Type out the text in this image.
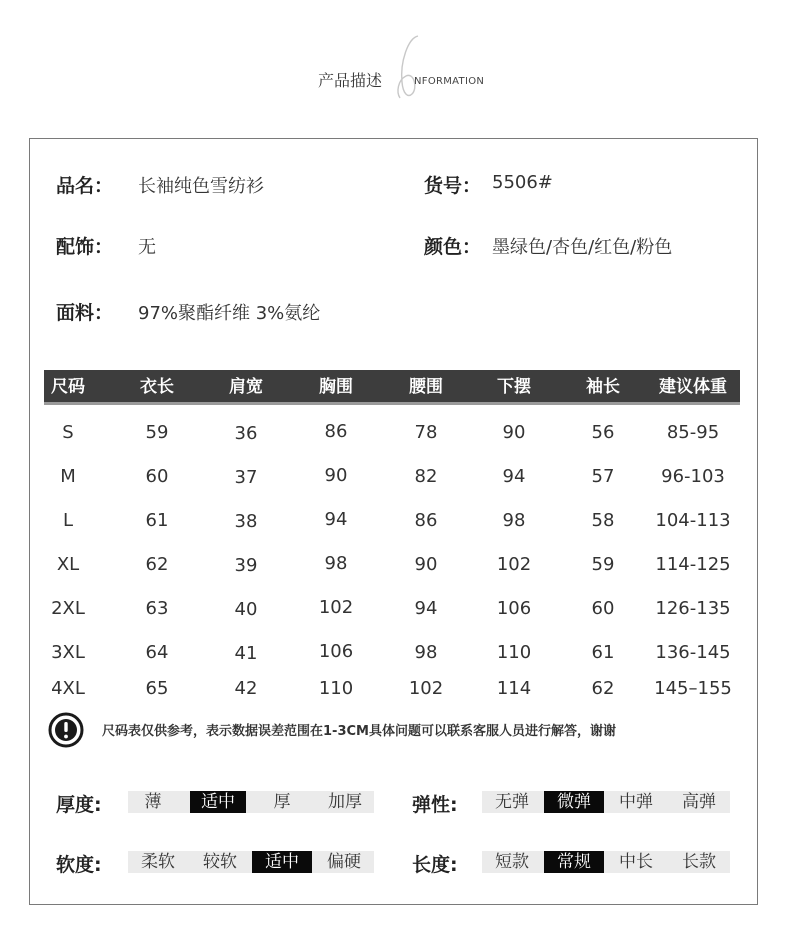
产品描述	NFORMATION
品名： 长袖纯色雪纺衫	货号： 5506#
配饰： 无	颜色： 墨绿色/杏色/红色/粉色
面料： 97%聚酯纤维 3%氨纶
尺码	衣长	肩宽	胸围	腰围	下摆	袖长 建议体重
S	59	36	86	78	90	56	85-95
M	60	37	90	82	94	57	96-103
L	61	38	94	86	98	58 104-113
XL	62	39	98	90	102	59 114-125
2XL	63	40	102	94	106	60 126-135
3XL	64	41	106	98	110	61 136-145
4XL	65	42	110	102	114	62 145–155
尺码表仅供参考，表示数据误差范围在1-3CM具体问题可以联系客服人员进行解答，谢谢
厚度:	薄	适中	厚	加厚	弹性:	无弹	微弹	中弹	高弹
软度:	柔软	较软	适中	偏硬	长度:	短款	常规	中长	长款
